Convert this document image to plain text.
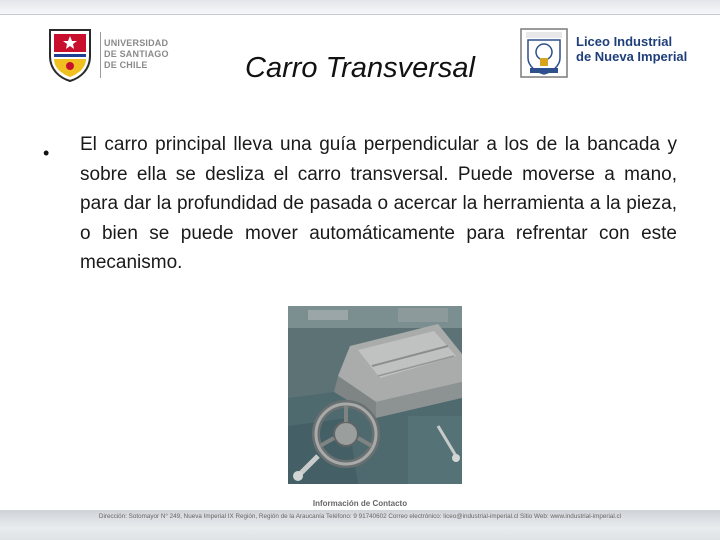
UNIVERSIDAD
DE SANTIAGO
DE CHILE	Carro Transversal
Liceo Industrial
de Nueva Imperial
• El carro principal lleva una guía perpendicular a los de la bancada y sobre ella se desliza el carro transversal. Puede moverse a mano, para dar la profundidad de pasada o acercar la herramienta a la pieza, o bien se puede mover automáticamente para refrentar con este mecanismo.
Información de Contacto
Dirección: Sotomayor N° 249, Nueva Imperial IX Región, Región de la Araucanía Teléfono: 9 91740602 Correo electrónico: liceo@industrial-imperial.cl Sitio Web: www.industrial-imperial.cl
